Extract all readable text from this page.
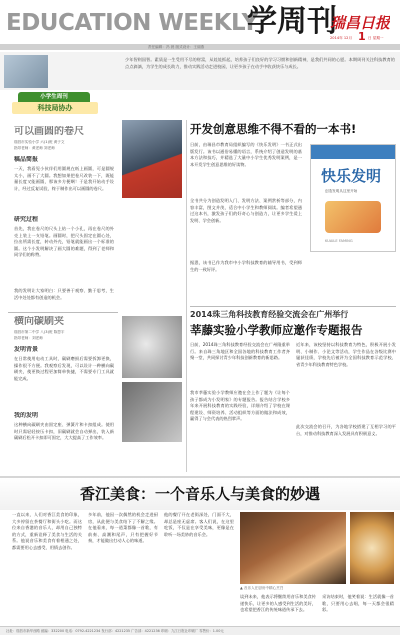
EDUCATION WEEKLY
学周刊
瑞昌日报
2014年 12月 1 日 星期一
责任编辑：冯 晨 版式设计：王丽燕
少年智则国智。素质是一生受用不尽的财富，从娃娃抓起，培养孩子们良好的学习习惯和创新精神，是我们共同的心愿。本期周刊关注科技教育的点点滴滴，为学生的成长助力，推动实践活动走进校园，让更多孩子在动手中收获快乐与成长。
小学生周刊
科技局协办
可以画圆的卷尺
瑞昌市实验小学 六(1)班 黄子文
指导老师：黄老师 刘老师
稿品简报
一天，我看见小伙伴们用圆规在纸上画圆，可是圆规太小，画不了大圆。我想如果把卷尺改装一下，既能量长度又能画圆，那该多方便啊！于是我开始动手设计，经过反复试验，终于制作出可以画圆的卷尺。
研究过程
首先，我在卷尺的尺头上钻一个小孔，再在卷尺的外壳上装上一支铅笔。画圆时，把尺头固定在圆心处，拉出所需长度，转动外壳，铅笔就能画出一个标准的圆。这个小发明解决了画大圆的难题，得到了老师和同学们的称赞。
我的发明让大家明白：只要善于观察、勤于思考，生活中处处都有创造的机会。
横向碳刷夹
瑞昌市第二中学 八(3)班 陈思宇
指导老师：刘老师
发明背景
在日常使用电动工具时，碳刷磨损后需要拆卸更换，操作很不方便。我观察后发现，可以设计一种横向碳刷夹，使更换过程更加简单快捷，不需要专门工具就能完成。
我的发明
这种横向碳刷夹由固定座、弹簧片和卡扣组成。使用时只需轻轻按压卡扣，旧碳刷就会自动弹出，装入新碳刷后松开卡扣即可固定，大大提高了工作效率。
开发创意思维不得不看的一本书!
日前，由瑞昌市教育局组织编写的《快乐发明》一书正式出版发行。该书以通俗易懂的语言，系统介绍了创造发明的基本方法和技巧，并精选了大量中小学生优秀发明案例，是一本开发学生创意思维的好读物。
全书共分为创造发明入门、发明方法、案例赏析等部分，内容丰富，图文并茂，适合中小学生和教师阅读。编者希望通过这本书，激发孩子们的好奇心与创造力，让更多学生爱上发明、学会创新。
据悉，该书已作为我市中小学科技教育的辅导用书，受到师生的一致好评。
快乐发明
创造发明从这里开始
KUAILE FAMING
2014珠三角科技教育经验交流会在广州举行
莘藤实验小学教师应邀作专题报告
日前，2014珠三角科技教育经验交流会在广州隆重举行。来自珠三角地区和全国各地的科技教育工作者齐聚一堂，共同探讨青少年科技创新教育的新思路。
我市莘藤实验小学教师应邀在会上作了题为《让每个孩子都成为小发明家》的专题报告。报告结合学校多年来开展科技教育的实践经验，详细介绍了学校在课程建设、师资培养、活动组织等方面的做法和成效，赢得了与会代表的热烈掌声。
近年来，该校坚持以科技教育为特色，积极开展小发明、小制作、小论文等活动，学生作品在各级比赛中屡获佳绩，学校先后被评为全国科技教育示范学校、省青少年科技教育特色学校。
此次交流会的召开，为各地学校搭建了互相学习的平台，对推动科技教育深入发展具有积极意义。
香江美食：一个音乐人与美食的妙遇
一直以来，人们对香江美食的印象，大多停留在茶餐厅和街头小吃。而这位来自香港的音乐人，却用自己独特的方式，重新诠释了美食与生活的关系。他说音乐和美食有着相通之处，都需要用心去感受、用情去创作。
多年前，他因一次偶然的机会走进厨房，从此便与美食结下了不解之缘。在他看来，每一道菜都像一首歌，有前奏、高潮和尾声，只有把握好节奏，才能做出打动人心的味道。
他的餐厅开在老街深处，门面不大，却总是座无虚席。客人们说，在这里吃饭，不仅是在享受美味，更像是在聆听一场美妙的音乐会。
▲ 音乐人在厨房中精心烹饪
谈到未来，他表示将继续用音乐和美食传递快乐，让更多的人感受到生活的美好，也希望把香江的传统味道传承下去。
采访结束时，他笑着说：生活就像一首歌，只要用心去唱，每一天都会很精彩。
社址：瑞昌市新华西路 邮编：332200 电话：0792-4221234 发行部：4221235 广告部：4221236 印刷：九江日报社印刷厂 零售价：1.00元
